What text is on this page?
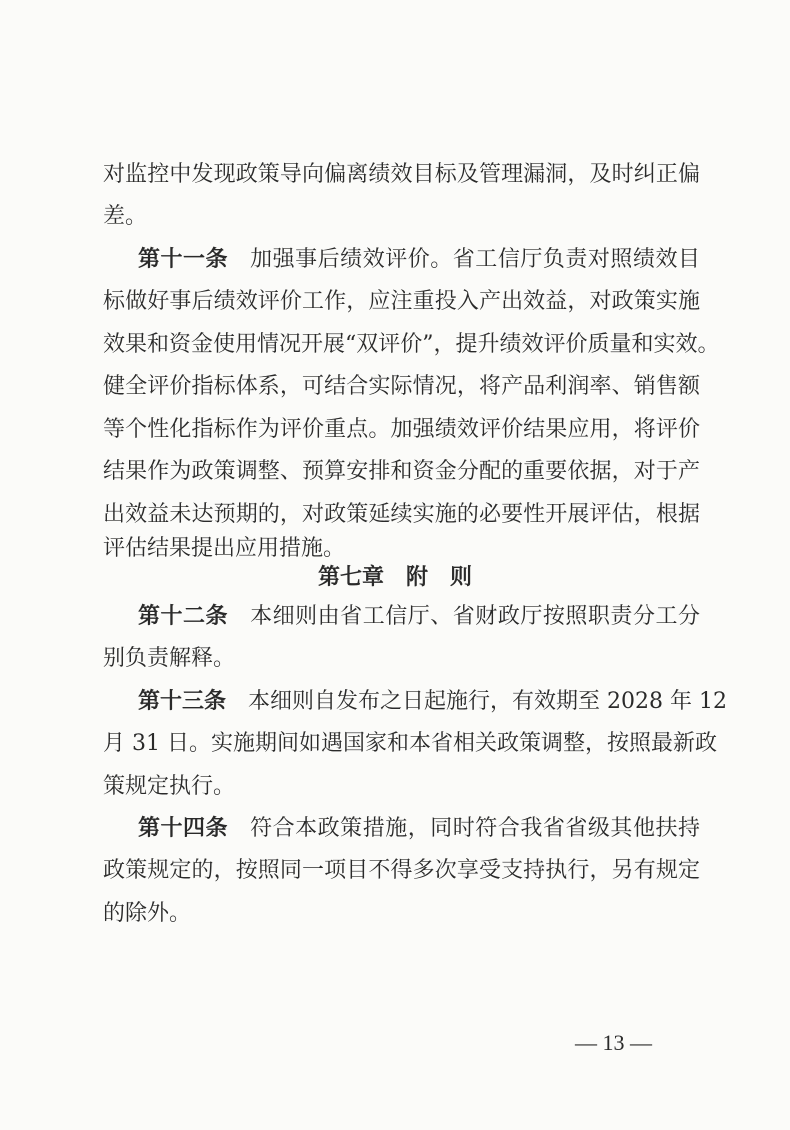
对监控中发现政策导向偏离绩效目标及管理漏洞，及时纠正偏
差。
第十一条 加强事后绩效评价。省工信厅负责对照绩效目
标做好事后绩效评价工作，应注重投入产出效益，对政策实施
效果和资金使用情况开展“双评价”，提升绩效评价质量和实效。
健全评价指标体系，可结合实际情况，将产品利润率、销售额
等个性化指标作为评价重点。加强绩效评价结果应用，将评价
结果作为政策调整、预算安排和资金分配的重要依据，对于产
出效益未达预期的，对政策延续实施的必要性开展评估，根据
评估结果提出应用措施。
第七章　附　则
第十二条 本细则由省工信厅、省财政厅按照职责分工分
别负责解释。
第十三条 本细则自发布之日起施行，有效期至 2028 年 12
月 31 日。实施期间如遇国家和本省相关政策调整，按照最新政
策规定执行。
第十四条 符合本政策措施，同时符合我省省级其他扶持
政策规定的，按照同一项目不得多次享受支持执行，另有规定
的除外。
— 13 —
